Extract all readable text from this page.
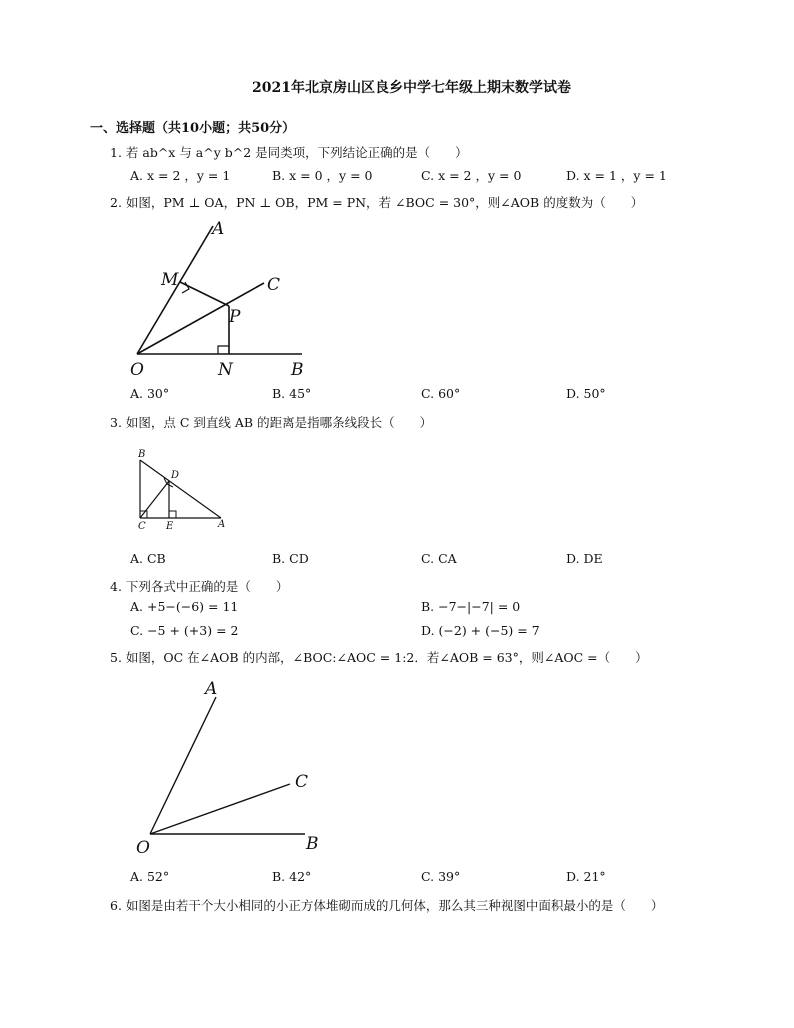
2021年北京房山区良乡中学七年级上期末数学试卷
一、选择题（共10小题；共50分）
1. 若 ab^x 与 a^y b^2 是同类项，下列结论正确的是（　　）
A. x = 2 ，y = 1	B. x = 0 ，y = 0	C. x = 2 ，y = 0	D. x = 1 ，y = 1
2. 如图，PM ⊥ OA，PN ⊥ OB，PM = PN，若 ∠BOC = 30°，则∠AOB 的度数为（　　）
A
M	C
P
O	N	B
A. 30°	B. 45°	C. 60°	D. 50°
3. 如图，点 C 到直线 AB 的距离是指哪条线段长（　　）
B
D
C E	A
A. CB	B. CD	C. CA	D. DE
4. 下列各式中正确的是（　　）
A. +5−(−6) = 11	B. −7−|−7| = 0
C. −5 + (+3) = 2	D. (−2) + (−5) = 7
5. 如图，OC 在∠AOB 的内部，∠BOC:∠AOC = 1:2．若∠AOB = 63°，则∠AOC =（　　）
A
C
O	B
A. 52°	B. 42°	C. 39°	D. 21°
6. 如图是由若干个大小相同的小正方体堆砌而成的几何体，那么其三种视图中面积最小的是（　　）
